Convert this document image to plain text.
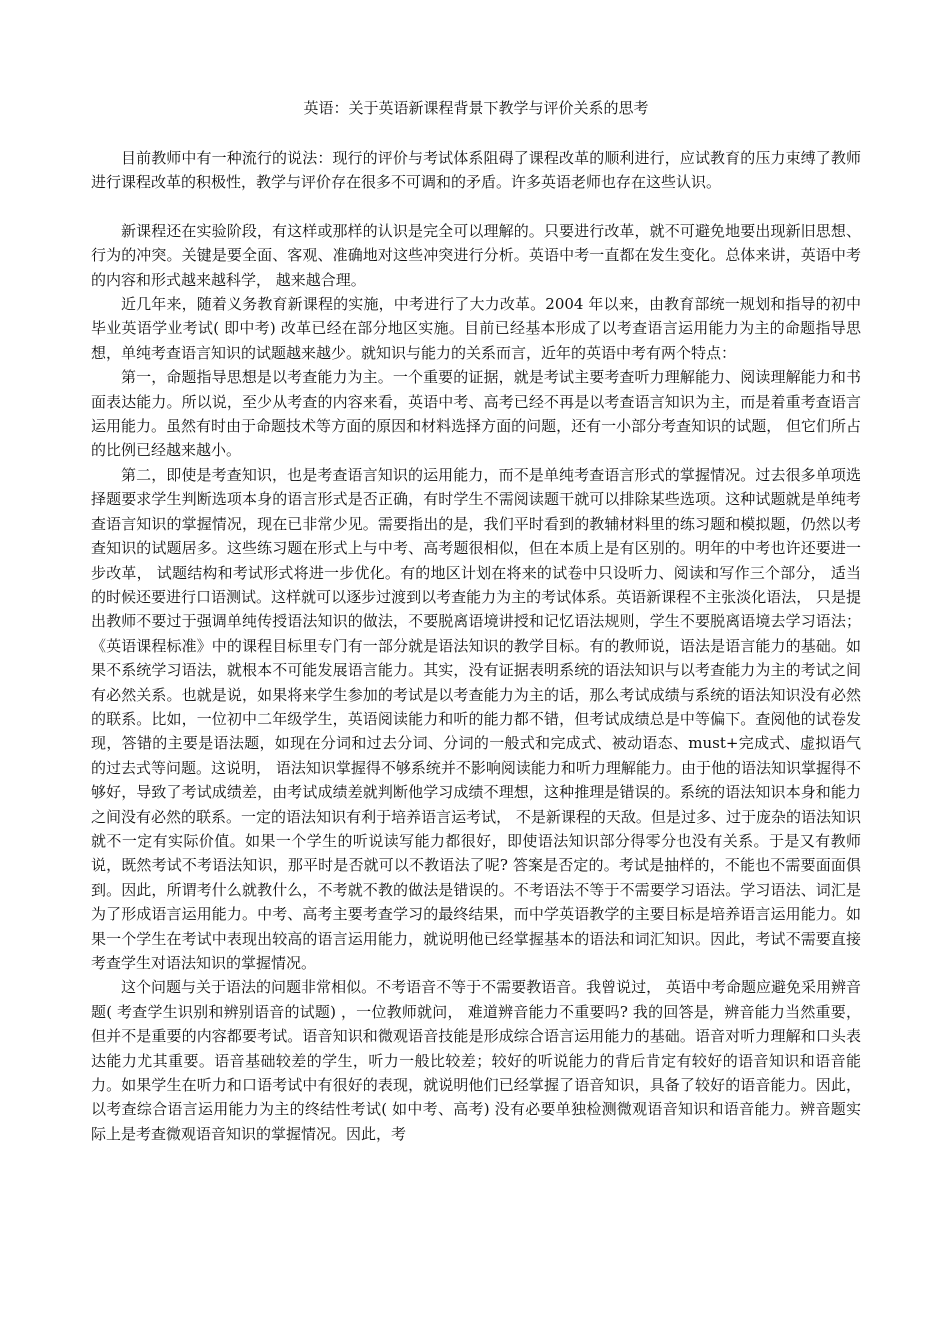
英语：关于英语新课程背景下教学与评价关系的思考

目前教师中有一种流行的说法：现行的评价与考试体系阻碍了课程改革的顺利进行，应试教育的压力束缚了教师进行课程改革的积极性，教学与评价存在很多不可调和的矛盾。许多英语老师也存在这些认识。

新课程还在实验阶段，有这样或那样的认识是完全可以理解的。只要进行改革，就不可避免地要出现新旧思想、行为的冲突。关键是要全面、客观、准确地对这些冲突进行分析。英语中考一直都在发生变化。总体来讲，英语中考的内容和形式越来越科学， 越来越合理。

近几年来，随着义务教育新课程的实施，中考进行了大力改革。2004 年以来，由教育部统一规划和指导的初中毕业英语学业考试( 即中考) 改革已经在部分地区实施。目前已经基本形成了以考查语言运用能力为主的命题指导思想，单纯考查语言知识的试题越来越少。就知识与能力的关系而言，近年的英语中考有两个特点：

第一，命题指导思想是以考查能力为主。一个重要的证据，就是考试主要考查听力理解能力、阅读理解能力和书面表达能力。所以说，至少从考查的内容来看，英语中考、高考已经不再是以考查语言知识为主，而是着重考查语言运用能力。虽然有时由于命题技术等方面的原因和材料选择方面的问题，还有一小部分考查知识的试题， 但它们所占的比例已经越来越小。

第二，即使是考查知识，也是考查语言知识的运用能力，而不是单纯考查语言形式的掌握情况。过去很多单项选择题要求学生判断选项本身的语言形式是否正确，有时学生不需阅读题干就可以排除某些选项。这种试题就是单纯考查语言知识的掌握情况，现在已非常少见。需要指出的是，我们平时看到的教辅材料里的练习题和模拟题，仍然以考查知识的试题居多。这些练习题在形式上与中考、高考题很相似，但在本质上是有区别的。明年的中考也许还要进一步改革， 试题结构和考试形式将进一步优化。有的地区计划在将来的试卷中只设听力、阅读和写作三个部分， 适当的时候还要进行口语测试。这样就可以逐步过渡到以考查能力为主的考试体系。英语新课程不主张淡化语法， 只是提出教师不要过于强调单纯传授语法知识的做法，不要脱离语境讲授和记忆语法规则，学生不要脱离语境去学习语法；《英语课程标准》中的课程目标里专门有一部分就是语法知识的教学目标。有的教师说，语法是语言能力的基础。如果不系统学习语法，就根本不可能发展语言能力。其实，没有证据表明系统的语法知识与以考查能力为主的考试之间有必然关系。也就是说，如果将来学生参加的考试是以考查能力为主的话，那么考试成绩与系统的语法知识没有必然的联系。比如，一位初中二年级学生，英语阅读能力和听的能力都不错，但考试成绩总是中等偏下。查阅他的试卷发现，答错的主要是语法题，如现在分词和过去分词、分词的一般式和完成式、被动语态、must+完成式、虚拟语气的过去式等问题。这说明， 语法知识掌握得不够系统并不影响阅读能力和听力理解能力。由于他的语法知识掌握得不够好，导致了考试成绩差，由考试成绩差就判断他学习成绩不理想，这种推理是错误的。系统的语法知识本身和能力之间没有必然的联系。一定的语法知识有利于培养语言运考试， 不是新课程的天敌。但是过多、过于庞杂的语法知识就不一定有实际价值。如果一个学生的听说读写能力都很好，即使语法知识部分得零分也没有关系。于是又有教师说，既然考试不考语法知识，那平时是否就可以不教语法了呢? 答案是否定的。考试是抽样的，不能也不需要面面俱到。因此，所谓考什么就教什么，不考就不教的做法是错误的。不考语法不等于不需要学习语法。学习语法、词汇是为了形成语言运用能力。中考、高考主要考查学习的最终结果，而中学英语教学的主要目标是培养语言运用能力。如果一个学生在考试中表现出较高的语言运用能力，就说明他已经掌握基本的语法和词汇知识。因此，考试不需要直接考查学生对语法知识的掌握情况。

这个问题与关于语法的问题非常相似。不考语音不等于不需要教语音。我曾说过， 英语中考命题应避免采用辨音题( 考查学生识别和辨别语音的试题) ，一位教师就问， 难道辨音能力不重要吗? 我的回答是，辨音能力当然重要，但并不是重要的内容都要考试。语音知识和微观语音技能是形成综合语言运用能力的基础。语音对听力理解和口头表达能力尤其重要。语音基础较差的学生，听力一般比较差；较好的听说能力的背后肯定有较好的语音知识和语音能力。如果学生在听力和口语考试中有很好的表现，就说明他们已经掌握了语音知识，具备了较好的语音能力。因此，以考查综合语言运用能力为主的终结性考试( 如中考、高考) 没有必要单独检测微观语音知识和语音能力。辨音题实际上是考查微观语音知识的掌握情况。因此，考
